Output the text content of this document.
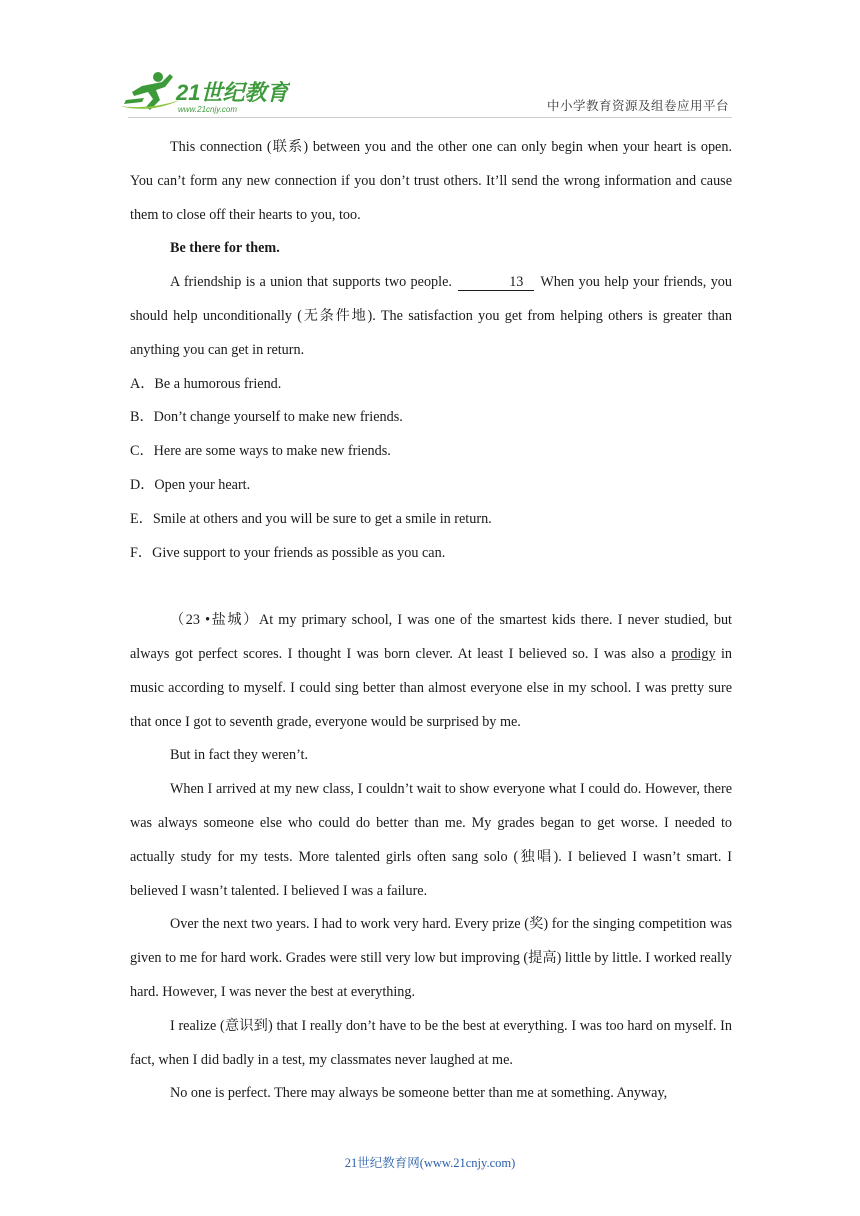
21世纪教育
www.21cnjy.com	中小学教育资源及组卷应用平台

This connection (联系) between you and the other one can only begin when your heart is open. You can’t form any new connection if you don’t trust others. It’ll send the wrong information and cause them to close off their hearts to you, too.

Be there for them.

A friendship is a union that supports two people.	13 When you help your friends, you should help unconditionally (无条件地). The satisfaction you get from helping others is greater than anything you can get in return.

A．Be a humorous friend.

B．Don’t change yourself to make new friends.

C．Here are some ways to make new friends.

D．Open your heart.

E．Smile at others and you will be sure to get a smile in return.

F．Give support to your friends as possible as you can.

（23 •盐城）At my primary school, I was one of the smartest kids there. I never studied, but always got perfect scores. I thought I was born clever. At least I believed so. I was also a prodigy in music according to myself. I could sing better than almost everyone else in my school. I was pretty sure that once I got to seventh grade, everyone would be surprised by me.

But in fact they weren’t.

When I arrived at my new class, I couldn’t wait to show everyone what I could do. However, there was always someone else who could do better than me. My grades began to get worse. I needed to actually study for my tests. More talented girls often sang solo (独唱). I believed I wasn’t smart. I believed I wasn’t talented. I believed I was a failure.

Over the next two years. I had to work very hard. Every prize (奖) for the singing competition was given to me for hard work. Grades were still very low but improving (提高) little by little. I worked really hard. However, I was never the best at everything.

I realize (意识到) that I really don’t have to be the best at everything. I was too hard on myself. In fact, when I did badly in a test, my classmates never laughed at me.

No one is perfect. There may always be someone better than me at something. Anyway,

21世纪教育网(www.21cnjy.com)
